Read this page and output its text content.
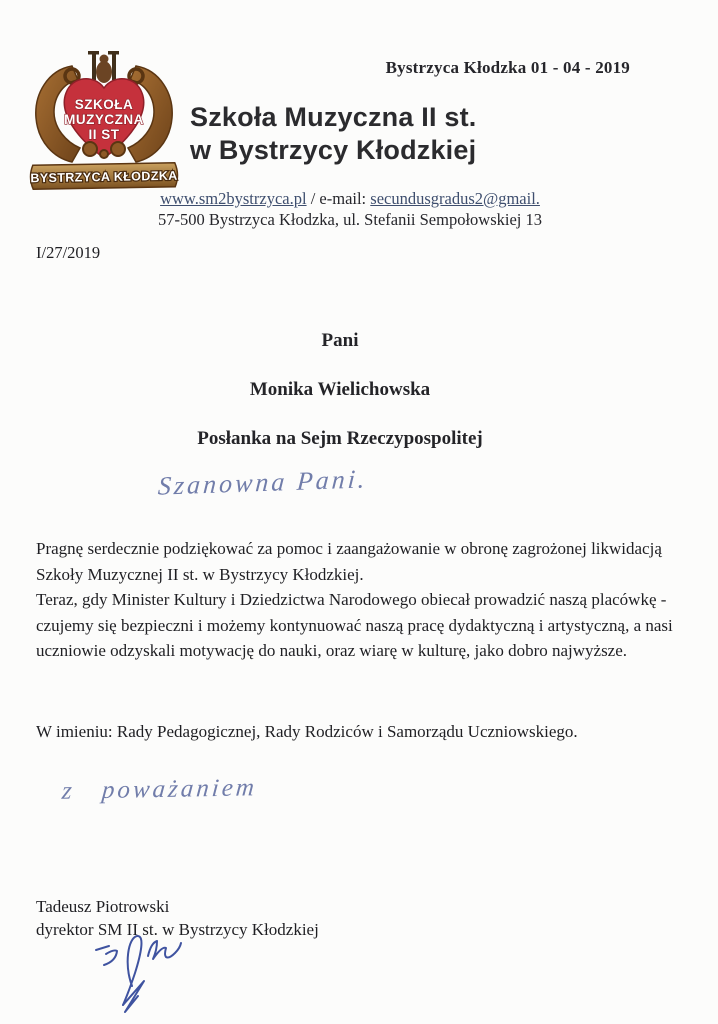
Bystrzyca Kłodzka 01 - 04 - 2019
SZKOŁA
MUZYCZNA
II ST
BYSTRZYCA KŁODZKA
Szkoła Muzyczna II st.
w Bystrzycy Kłodzkiej
www.sm2bystrzyca.pl / e-mail: secundusgradus2@gmail.
57-500 Bystrzyca Kłodzka, ul. Stefanii Sempołowskiej 13
I/27/2019
Pani
Monika Wielichowska
Posłanka na Sejm Rzeczypospolitej
Szanowna Pani.

Pragnę serdecznie podziękować za pomoc i zaangażowanie w obronę zagrożonej likwidacją Szkoły Muzycznej II st. w Bystrzycy Kłodzkiej.

Teraz, gdy Minister Kultury i Dziedzictwa Narodowego obiecał prowadzić naszą placówkę - czujemy się bezpieczni i możemy kontynuować naszą pracę dydaktyczną i artystyczną, a nasi uczniowie odzyskali motywację do nauki, oraz wiarę w kulturę, jako dobro najwyższe.

W imieniu: Rady Pedagogicznej, Rady Rodziców i Samorządu Uczniowskiego.
z poważaniem
Tadeusz Piotrowski
dyrektor SM II st. w Bystrzycy Kłodzkiej
